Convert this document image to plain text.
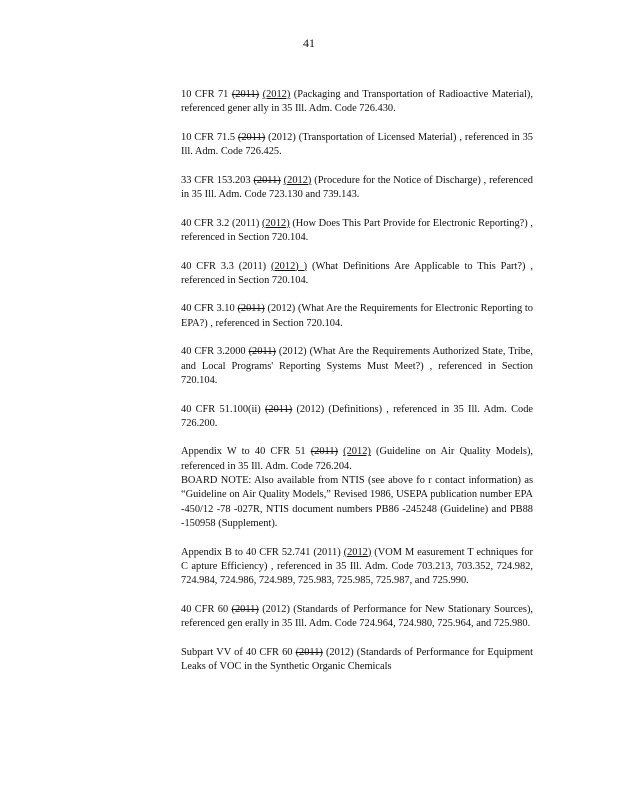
41

10 CFR 71 (2011) (2012) (Packaging and Transportation of Radioactive Material), referenced gener ally in 35 Ill. Adm. Code 726.430.

10 CFR 71.5 (2011) (2012) (Transportation of Licensed Material) , referenced in 35 Ill. Adm. Code 726.425.

33 CFR 153.203 (2011) (2012) (Procedure for the Notice of Discharge) , referenced in 35 Ill. Adm. Code 723.130 and 739.143.

40 CFR 3.2 (2011) (2012) (How Does This Part Provide for Electronic Reporting?) , referenced in Section 720.104.

40 CFR 3.3 (2011) (2012) ) (What Definitions Are Applicable to This Part?) , referenced in Section 720.104.

40 CFR 3.10 (2011) (2012) (What Are the Requirements for Electronic Reporting to EPA?) , referenced in Section 720.104.

40 CFR 3.2000 (2011) (2012) (What Are the Requirements Authorized State, Tribe, and Local Programs' Reporting Systems Must Meet?) , referenced in Section 720.104.

40 CFR 51.100(ii) (2011) (2012) (Definitions) , referenced in 35 Ill. Adm. Code 726.200.

Appendix W to 40 CFR 51 (2011) (2012) (Guideline on Air Quality Models), referenced in 35 Ill. Adm. Code 726.204.
BOARD NOTE: Also available from NTIS (see above fo r contact information) as “Guideline on Air Quality Models,” Revised 1986, USEPA publication number EPA -450/12 -78 -027R, NTIS document numbers PB86 -245248 (Guideline) and PB88 -150958 (Supplement).

Appendix B to 40 CFR 52.741 (2011) (2012) (VOM M easurement T echniques for C apture Efficiency) , referenced in 35 Ill. Adm. Code 703.213, 703.352, 724.982, 724.984, 724.986, 724.989, 725.983, 725.985, 725.987, and 725.990.

40 CFR 60 (2011) (2012) (Standards of Performance for New Stationary Sources), referenced gen erally in 35 Ill. Adm. Code 724.964, 724.980, 725.964, and 725.980.

Subpart VV of 40 CFR 60 (2011) (2012) (Standards of Performance for Equipment Leaks of VOC in the Synthetic Organic Chemicals
